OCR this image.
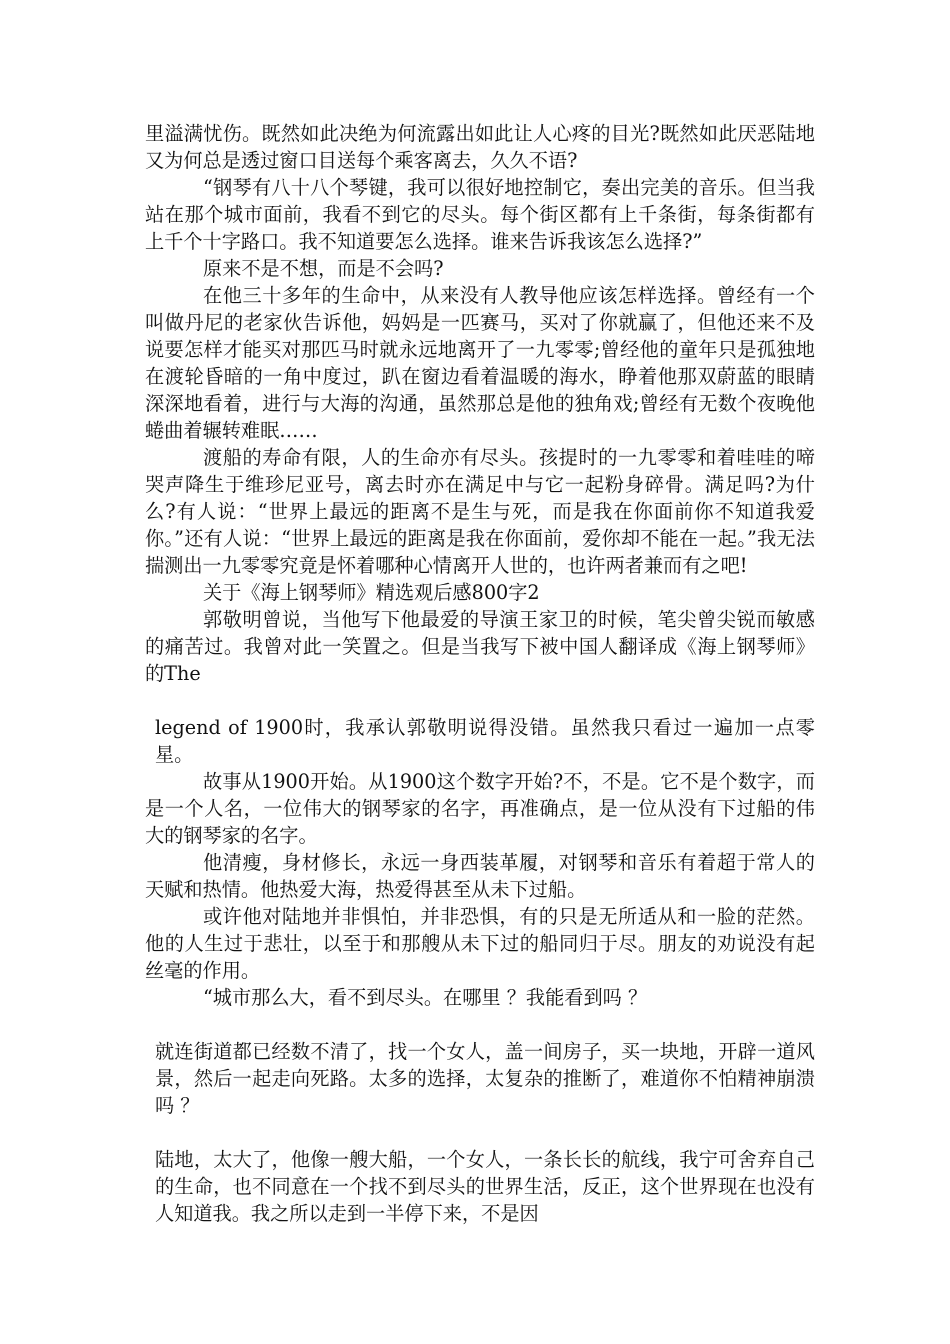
里溢满忧伤。既然如此决绝为何流露出如此让人心疼的目光?既然如此厌恶陆地又为何总是透过窗口目送每个乘客离去，久久不语?

“钢琴有八十八个琴键，我可以很好地控制它，奏出完美的音乐。但当我站在那个城市面前，我看不到它的尽头。每个街区都有上千条街，每条街都有上千个十字路口。我不知道要怎么选择。谁来告诉我该怎么选择?”

原来不是不想，而是不会吗?

在他三十多年的生命中，从来没有人教导他应该怎样选择。曾经有一个叫做丹尼的老家伙告诉他，妈妈是一匹赛马，买对了你就赢了，但他还来不及说要怎样才能买对那匹马时就永远地离开了一九零零;曾经他的童年只是孤独地在渡轮昏暗的一角中度过，趴在窗边看着温暖的海水，睁着他那双蔚蓝的眼睛深深地看着，进行与大海的沟通，虽然那总是他的独角戏;曾经有无数个夜晚他蜷曲着辗转难眠……

渡船的寿命有限，人的生命亦有尽头。孩提时的一九零零和着哇哇的啼哭声降生于维珍尼亚号，离去时亦在满足中与它一起粉身碎骨。满足吗?为什么?有人说：“世界上最远的距离不是生与死，而是我在你面前你不知道我爱你。”还有人说：“世界上最远的距离是我在你面前，爱你却不能在一起。”我无法揣测出一九零零究竟是怀着哪种心情离开人世的，也许两者兼而有之吧!

关于《海上钢琴师》精选观后感800字2

郭敬明曾说，当他写下他最爱的导演王家卫的时候，笔尖曾尖锐而敏感的痛苦过。我曾对此一笑置之。但是当我写下被中国人翻译成《海上钢琴师》的The

legend of 1900时，我承认郭敬明说得没错。虽然我只看过一遍加一点零星。

故事从1900开始。从1900这个数字开始?不，不是。它不是个数字，而是一个人名，一位伟大的钢琴家的名字，再准确点，是一位从没有下过船的伟大的钢琴家的名字。

他清瘦，身材修长，永远一身西装革履，对钢琴和音乐有着超于常人的天赋和热情。他热爱大海，热爱得甚至从未下过船。

或许他对陆地并非惧怕，并非恐惧，有的只是无所适从和一脸的茫然。他的人生过于悲壮，以至于和那艘从未下过的船同归于尽。朋友的劝说没有起丝毫的作用。

“城市那么大，看不到尽头。在哪里 ？我能看到吗 ？

就连街道都已经数不清了，找一个女人，盖一间房子，买一块地，开辟一道风景，然后一起走向死路。太多的选择，太复杂的推断了，难道你不怕精神崩溃吗 ？

陆地，太大了，他像一艘大船，一个女人，一条长长的航线，我宁可舍弃自己的生命，也不同意在一个找不到尽头的世界生活，反正，这个世界现在也没有人知道我。我之所以走到一半停下来，不是因
